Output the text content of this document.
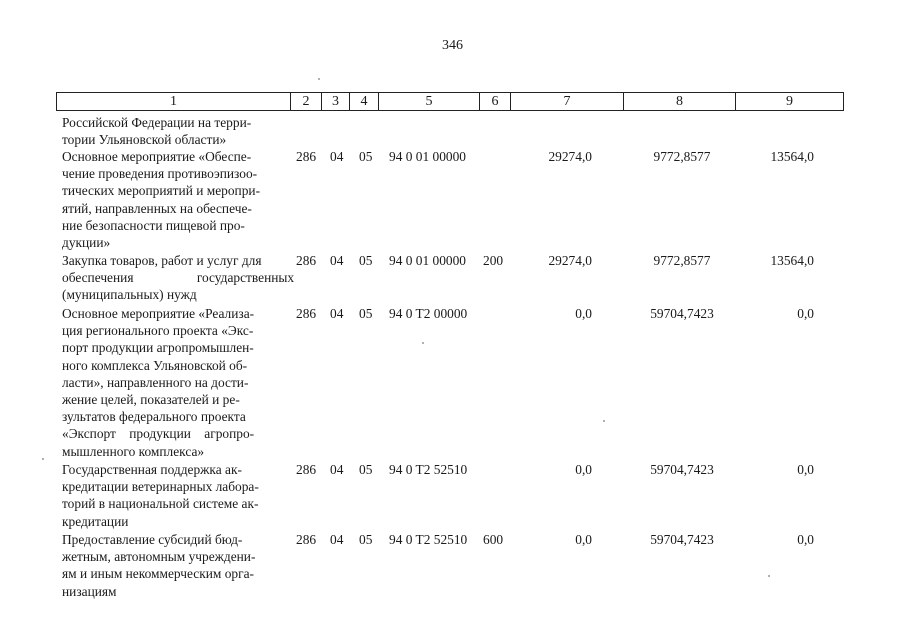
346
1	2	3	4	5	6	7	8	9
Российской Федерации на терри-
тории Ульяновской области»
Основное мероприятие «Обеспе-
чение проведения противоэпизоо-
тических мероприятий и меропри-
ятий, направленных на обеспече-
ние безопасности пищевой про-
дукции»
286 04 05 94 0 01 00000	29274,0	9772,8577	13564,0
Закупка товаров, работ и услуг для
обеспечения государственных
(муниципальных) нужд
286 04 05 94 0 01 00000 200	29274,0	9772,8577	13564,0
Основное мероприятие «Реализа-
ция регионального проекта «Экс-
порт продукции агропромышлен-
ного комплекса Ульяновской об-
ласти», направленного на дости-
жение целей, показателей и ре-
зультатов федерального проекта
«Экспорт продукции агропро-
мышленного комплекса»
286 04 05 94 0 T2 00000	0,0	59704,7423	0,0
Государственная поддержка ак-
кредитации ветеринарных лабора-
торий в национальной системе ак-
кредитации
286 04 05 94 0 T2 52510	0,0	59704,7423	0,0
Предоставление субсидий бюд-
жетным, автономным учреждени-
ям и иным некоммерческим орга-
низациям
286 04 05 94 0 T2 52510 600	0,0	59704,7423	0,0
